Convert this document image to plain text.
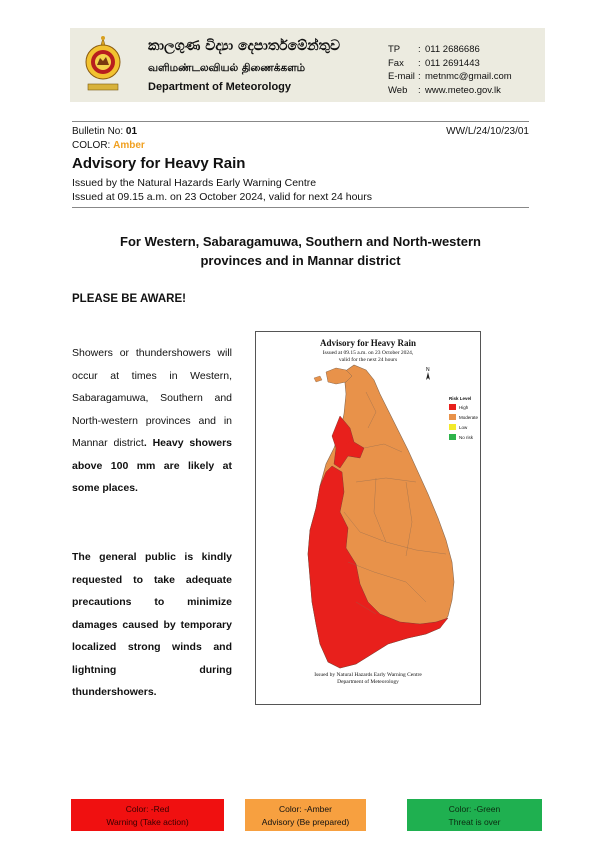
කාලගුණ විද්‍යා දෙපාර්තමේන්තුව
வளிமண்டலவியல் திணைக்களம்
Department of Meteorology
TP	: 011 2686686
Fax	: 011 2691443
E-mail : metnmc@gmail.com
Web	: www.meteo.gov.lk
Bulletin No: 01	WW/L/24/10/23/01
COLOR: Amber
Advisory for Heavy Rain
Issued by the Natural Hazards Early Warning Centre
Issued at 09.15 a.m. on 23 October 2024, valid for next 24 hours
For Western, Sabaragamuwa, Southern and North-western
provinces and in Mannar district
PLEASE BE AWARE!
Showers or thundershowers will occur at times in Western, Sabaragamuwa, Southern and North-western provinces and in Mannar district. Heavy showers above 100 mm are likely at some places.
The general public is kindly requested to take adequate precautions to minimize damages caused by temporary localized strong winds and lightning during thundershowers.
Advisory for Heavy Rain
Issued at 09.15 a.m. on 23 October 2024,
valid for the next 24 hours
N
Risk Level
High
Moderate
Low
No risk
Issued by Natural Hazards Early Warning Centre
Department of Meteorology
Color: -Red
Warning (Take action)
Color: -Amber
Advisory (Be prepared)
Color: -Green
Threat is over
